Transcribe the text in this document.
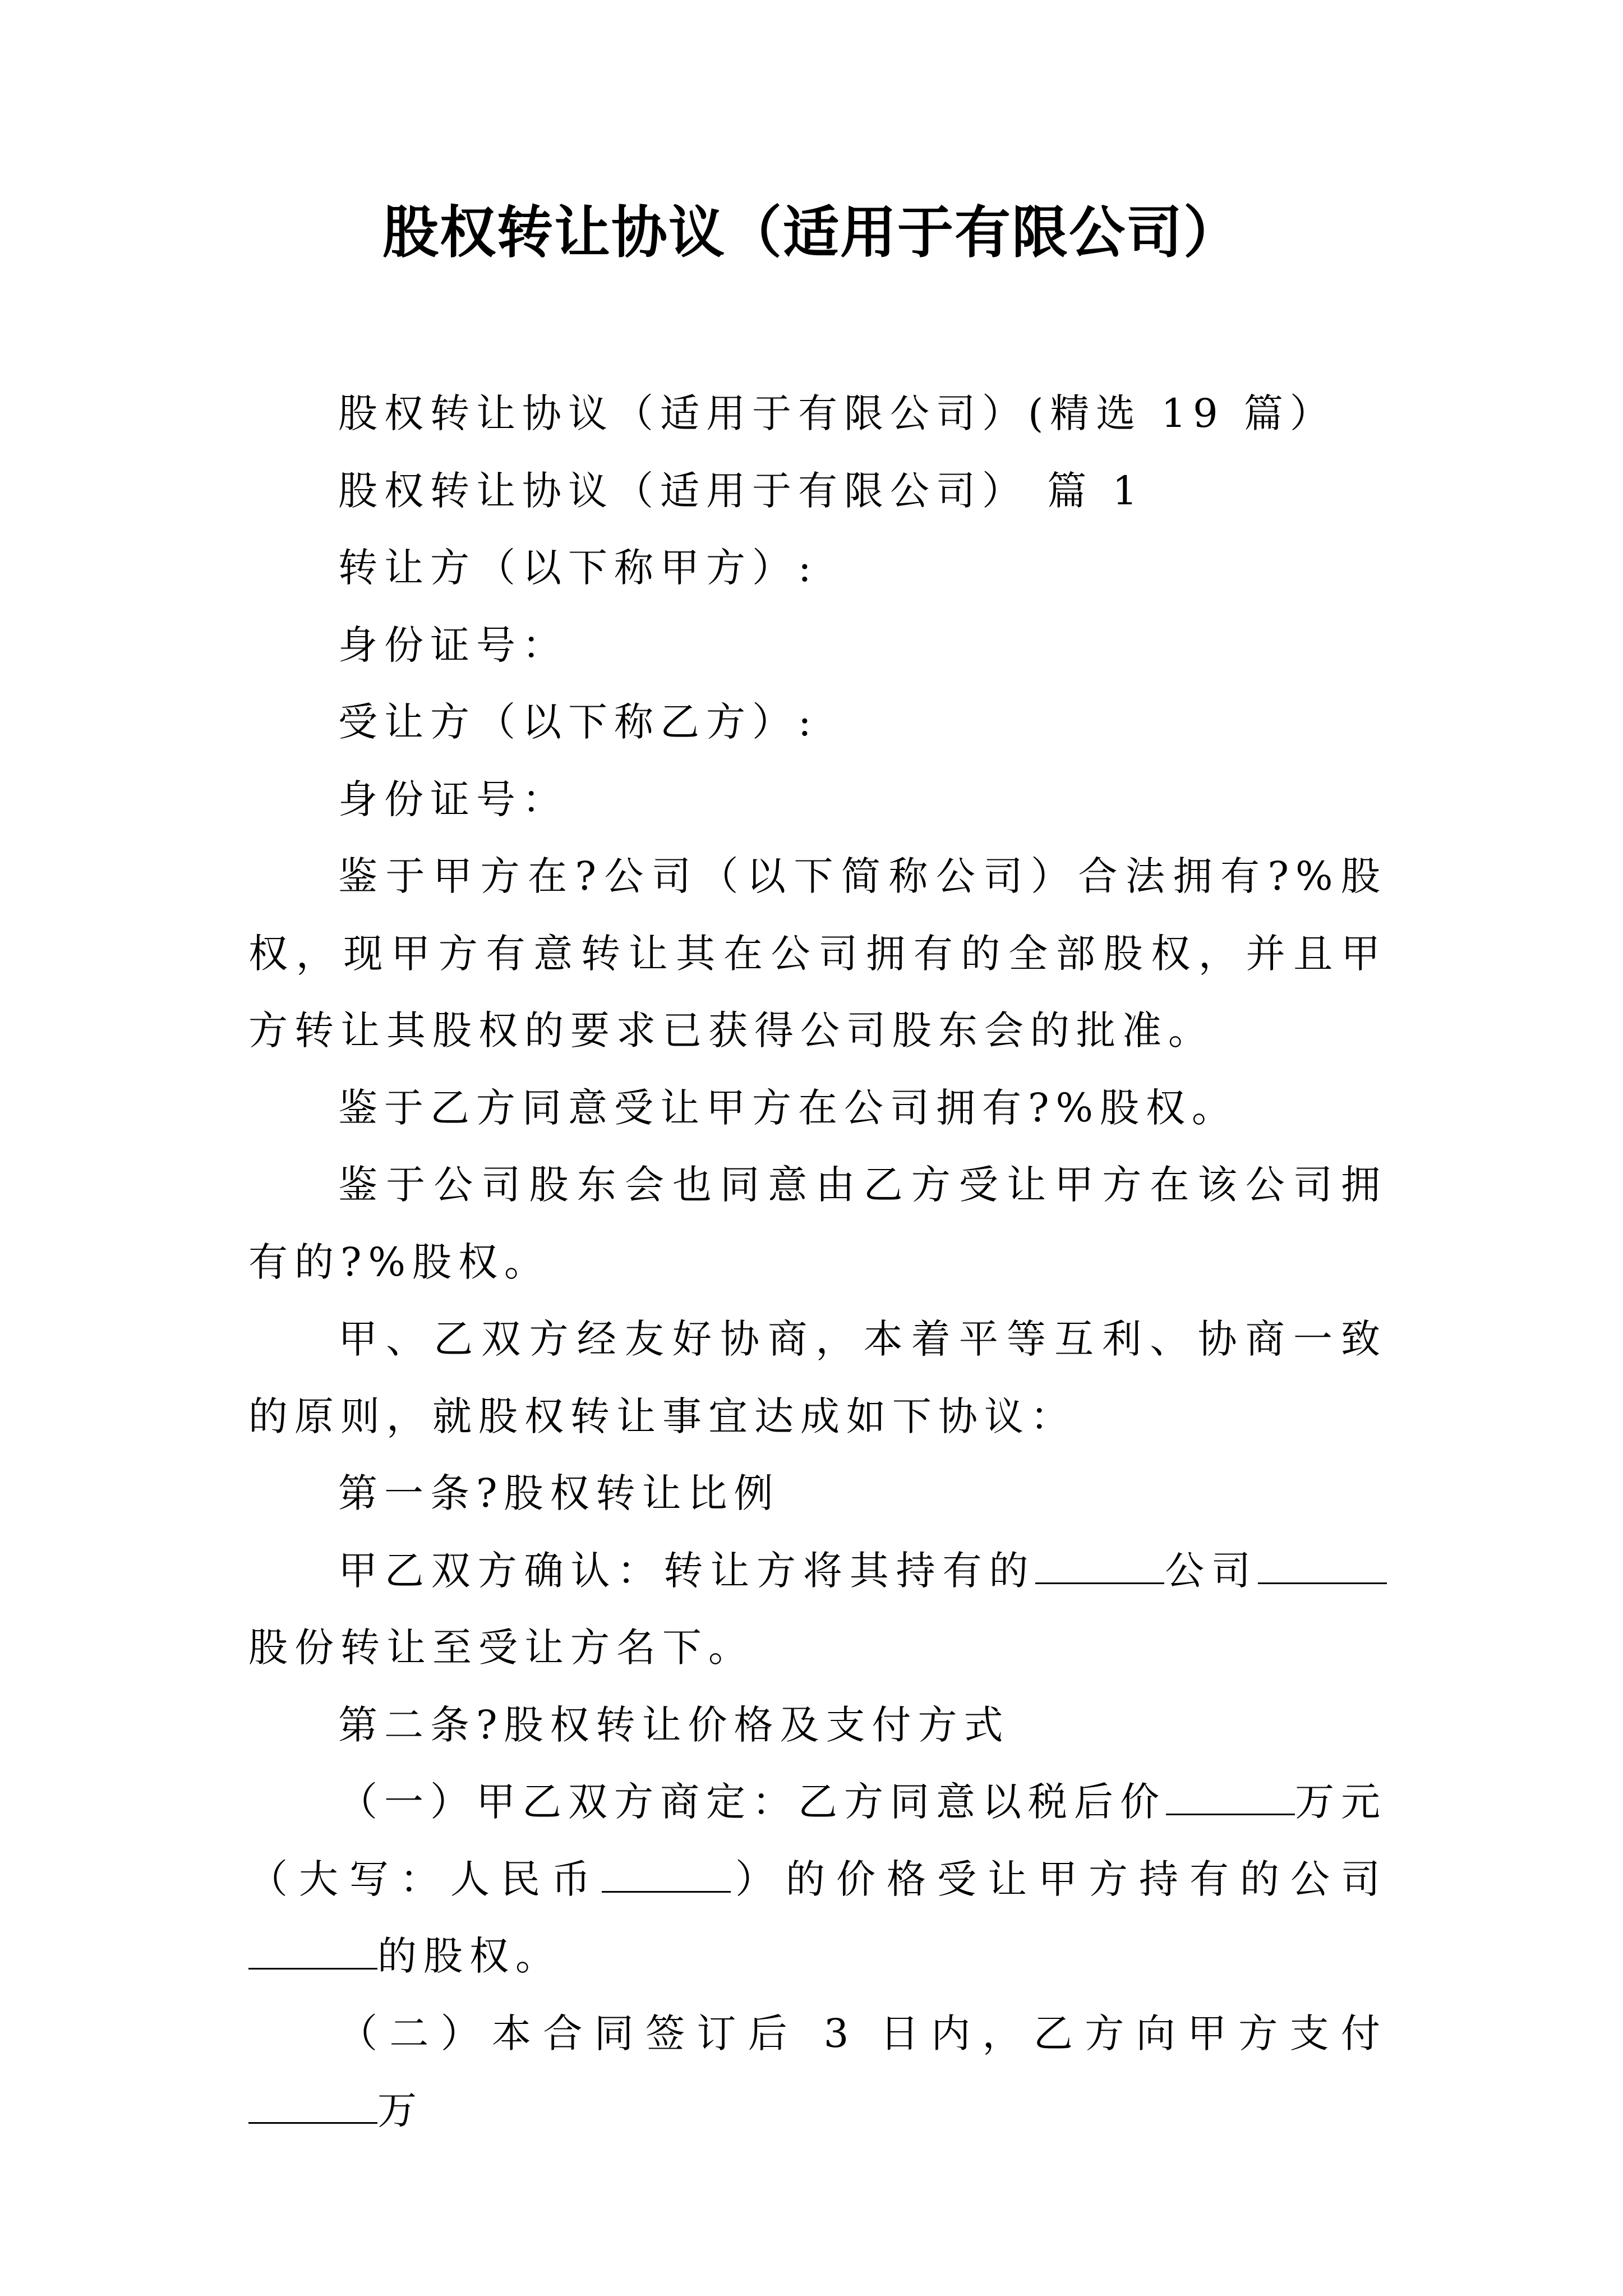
股权转让协议（适用于有限公司）

股权转让协议（适用于有限公司）(精选 19 篇）

股权转让协议（适用于有限公司） 篇 1

转让方（以下称甲方）:

身份证号：

受让方（以下称乙方）:

身份证号：

鉴于甲方在?公司（以下简称公司）合法拥有?%股权，现甲方有意转让其在公司拥有的全部股权，并且甲方转让其股权的要求已获得公司股东会的批准。

鉴于乙方同意受让甲方在公司拥有?%股权。

鉴于公司股东会也同意由乙方受让甲方在该公司拥有的?%股权。

甲、乙双方经友好协商，本着平等互利、协商一致的原则，就股权转让事宜达成如下协议：

第一条?股权转让比例

甲乙双方确认：转让方将其持有的	公司股份转让至受让方名下。

第二条?股权转让价格及支付方式

（一）甲乙双方商定：乙方同意以税后价	万元（大写：人民币	）的价格受让甲方持有的公司的股权。

（二）本合同签订后 3 日内，乙方向甲方支付万
